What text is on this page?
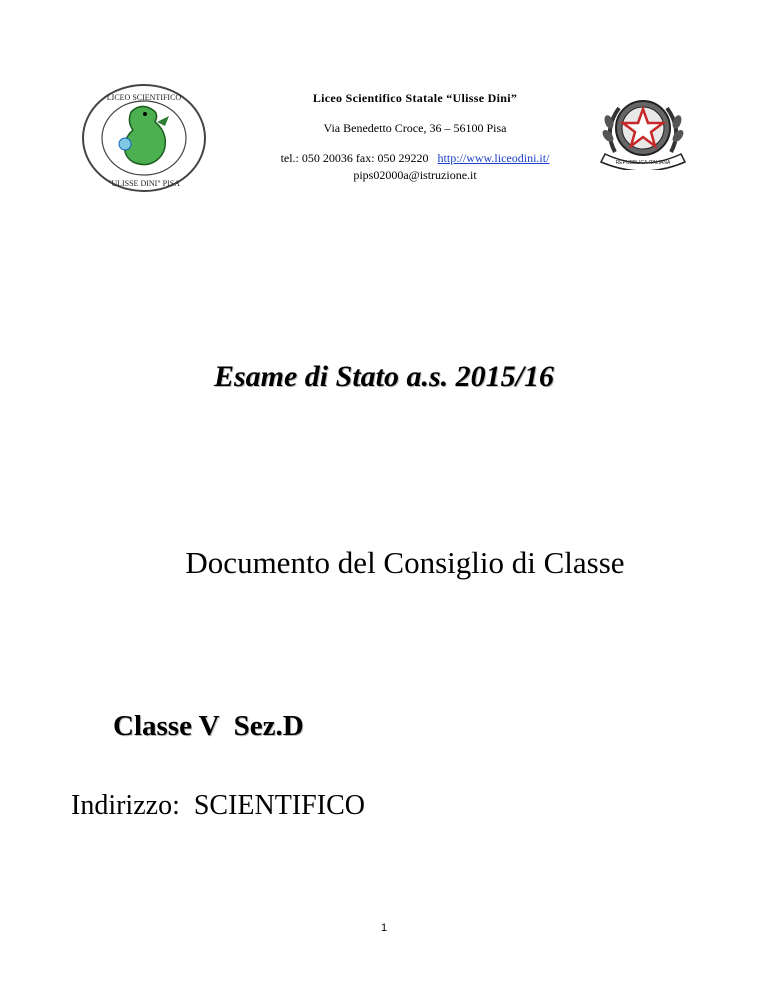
LICEO SCIENTIFICO
"ULISSE DINI" PISA
Liceo Scientifico Statale “Ulisse Dini”
Via Benedetto Croce, 36 – 56100 Pisa
tel.: 050 20036 fax: 050 29220 http://www.liceodini.it/
pips02000a@istruzione.it
REPUBBLICA ITALIANA
Esame di Stato a.s. 2015/16
Documento del Consiglio di Classe
Classe V  Sez.D
Indirizzo:  SCIENTIFICO
1
